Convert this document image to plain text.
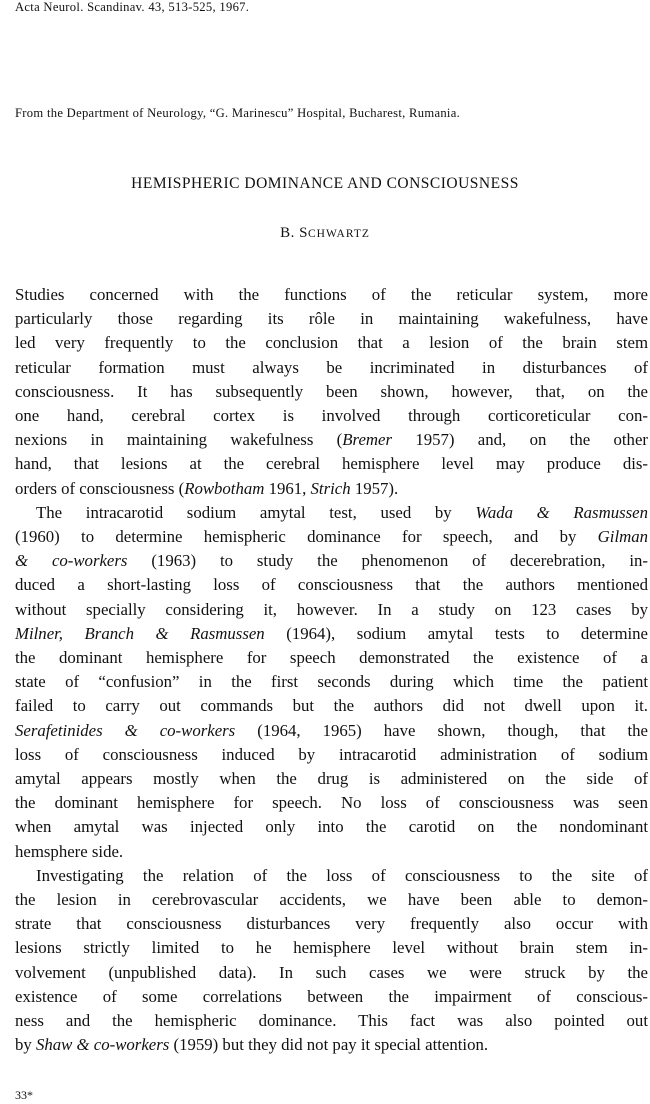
Acta Neurol. Scandinav. 43, 513-525, 1967.
From the Department of Neurology, “G. Marinescu” Hospital, Bucharest, Rumania.
HEMISPHERIC DOMINANCE AND CONSCIOUSNESS
B. SCHWARTZ

Studies concerned with the functions of the reticular system, more
particularly those regarding its rôle in maintaining wakefulness, have
led very frequently to the conclusion that a lesion of the brain stem
reticular formation must always be incriminated in disturbances of
consciousness. It has subsequently been shown, however, that, on the
one hand, cerebral cortex is involved through corticoreticular con-
nexions in maintaining wakefulness (Bremer 1957) and, on the other
hand, that lesions at the cerebral hemisphere level may produce dis-
orders of consciousness (Rowbotham 1961, Strich 1957).

The intracarotid sodium amytal test, used by Wada & Rasmussen
(1960) to determine hemispheric dominance for speech, and by Gilman
& co-workers (1963) to study the phenomenon of decerebration, in-
duced a short-lasting loss of consciousness that the authors mentioned
without specially considering it, however. In a study on 123 cases by
Milner, Branch & Rasmussen (1964), sodium amytal tests to determine
the dominant hemisphere for speech demonstrated the existence of a
state of “confusion” in the first seconds during which time the patient
failed to carry out commands but the authors did not dwell upon it.
Serafetinides & co-workers (1964, 1965) have shown, though, that the
loss of consciousness induced by intracarotid administration of sodium
amytal appears mostly when the drug is administered on the side of
the dominant hemisphere for speech. No loss of consciousness was seen
when amytal was injected only into the carotid on the nondominant
hemsphere side.

Investigating the relation of the loss of consciousness to the site of
the lesion in cerebrovascular accidents, we have been able to demon-
strate that consciousness disturbances very frequently also occur with
lesions strictly limited to he hemisphere level without brain stem in-
volvement (unpublished data). In such cases we were struck by the
existence of some correlations between the impairment of conscious-
ness and the hemispheric dominance. This fact was also pointed out
by Shaw & co-workers (1959) but they did not pay it special attention.

33*
